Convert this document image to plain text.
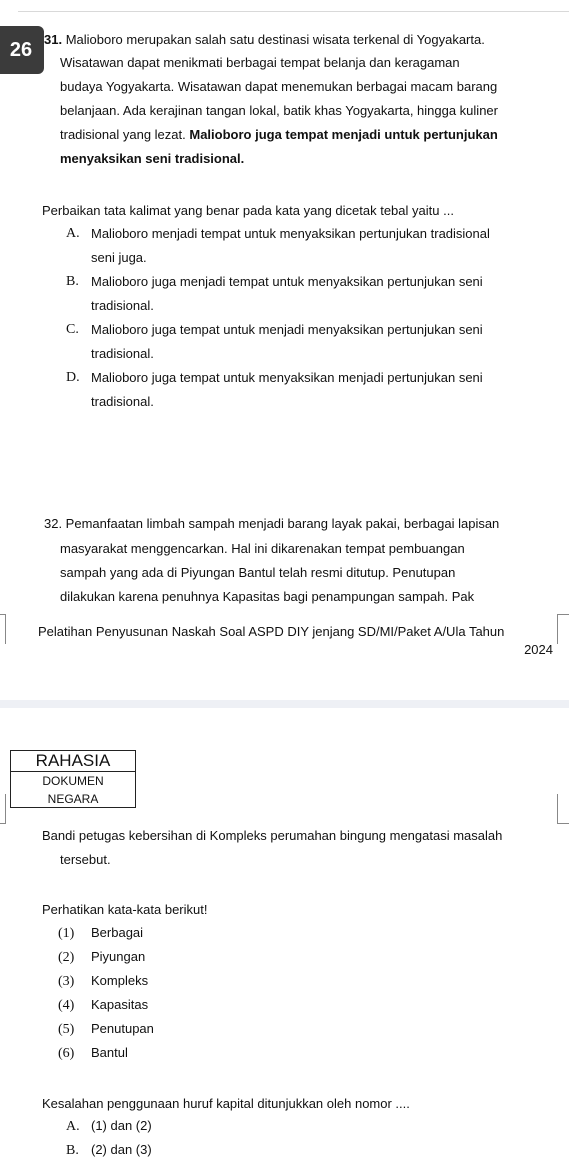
26 31. Malioboro merupakan salah satu destinasi wisata terkenal di Yogyakarta.
Wisatawan dapat menikmati berbagai tempat belanja dan keragaman
budaya Yogyakarta. Wisatawan dapat menemukan berbagai macam barang
belanjaan. Ada kerajinan tangan lokal, batik khas Yogyakarta, hingga kuliner
tradisional yang lezat. Malioboro juga tempat menjadi untuk pertunjukan
menyaksikan seni tradisional.
Perbaikan tata kalimat yang benar pada kata yang dicetak tebal yaitu ...
A. Malioboro menjadi tempat untuk menyaksikan pertunjukan tradisional
seni juga.
B. Malioboro juga menjadi tempat untuk menyaksikan pertunjukan seni
tradisional.
C. Malioboro juga tempat untuk menjadi menyaksikan pertunjukan seni
tradisional.
D. Malioboro juga tempat untuk menyaksikan menjadi pertunjukan seni
tradisional.
32. Pemanfaatan limbah sampah menjadi barang layak pakai, berbagai lapisan
masyarakat menggencarkan. Hal ini dikarenakan tempat pembuangan
sampah yang ada di Piyungan Bantul telah resmi ditutup. Penutupan
dilakukan karena penuhnya Kapasitas bagi penampungan sampah. Pak
Pelatihan Penyusunan Naskah Soal ASPD DIY jenjang SD/MI/Paket A/Ula Tahun
2024
RAHASIA
DOKUMEN
NEGARA
Bandi petugas kebersihan di Kompleks perumahan bingung mengatasi masalah
tersebut.
Perhatikan kata-kata berikut!
(1) Berbagai
(2) Piyungan
(3) Kompleks
(4) Kapasitas
(5) Penutupan
(6) Bantul
Kesalahan penggunaan huruf kapital ditunjukkan oleh nomor ....
A. (1) dan (2)
B. (2) dan (3)
